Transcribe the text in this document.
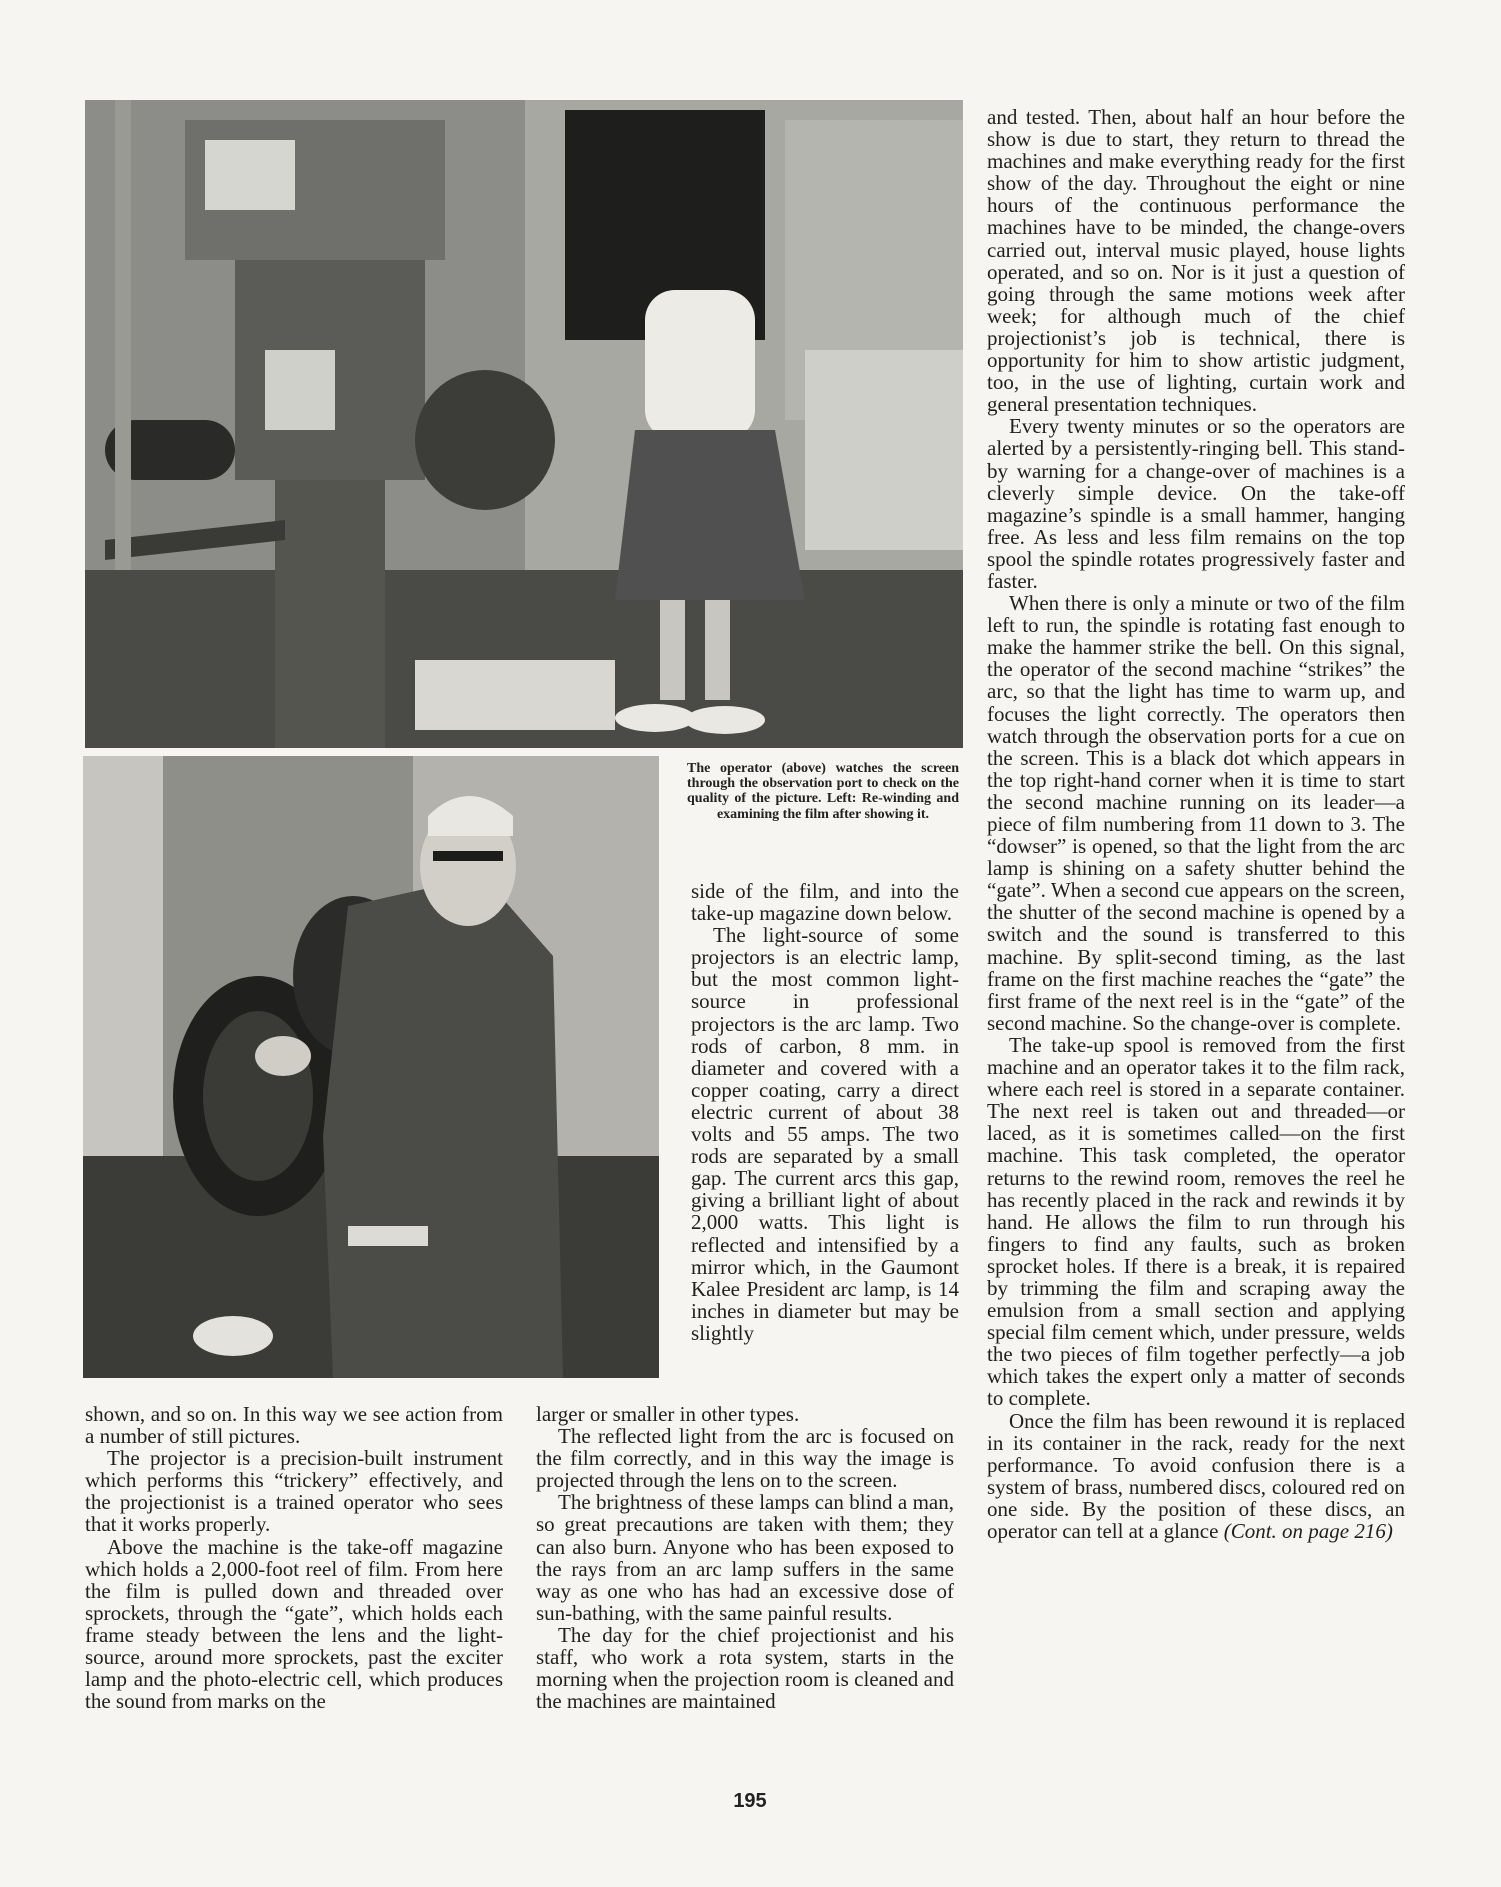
The operator (above) watches the screen through the observation port to check on the quality of the picture. Left: Re-winding and examining the film after showing it.

side of the film, and into the take-up magazine down below.

The light-source of some projectors is an electric lamp, but the most common light-source in professional projectors is the arc lamp. Two rods of carbon, 8 mm. in diameter and covered with a copper coating, carry a direct electric current of about 38 volts and 55 amps. The two rods are separated by a small gap. The current arcs this gap, giving a brilliant light of about 2,000 watts. This light is reflected and intensified by a mirror which, in the Gaumont Kalee President arc lamp, is 14 inches in diameter but may be slightly

shown, and so on. In this way we see action from a number of still pictures.

The projector is a precision-built instrument which performs this “trickery” effectively, and the projectionist is a trained operator who sees that it works properly.

Above the machine is the take-off magazine which holds a 2,000-foot reel of film. From here the film is pulled down and threaded over sprockets, through the “gate”, which holds each frame steady between the lens and the light-source, around more sprockets, past the exciter lamp and the photo-electric cell, which produces the sound from marks on the

larger or smaller in other types.

The reflected light from the arc is focused on the film correctly, and in this way the image is projected through the lens on to the screen.

The brightness of these lamps can blind a man, so great precautions are taken with them; they can also burn. Anyone who has been exposed to the rays from an arc lamp suffers in the same way as one who has had an excessive dose of sun-bathing, with the same painful results.

The day for the chief projectionist and his staff, who work a rota system, starts in the morning when the projection room is cleaned and the machines are maintained

and tested. Then, about half an hour before the show is due to start, they return to thread the machines and make everything ready for the first show of the day. Throughout the eight or nine hours of the continuous performance the machines have to be minded, the change-overs carried out, interval music played, house lights operated, and so on. Nor is it just a question of going through the same motions week after week; for although much of the chief projectionist’s job is technical, there is opportunity for him to show artistic judgment, too, in the use of lighting, curtain work and general presentation techniques.

Every twenty minutes or so the operators are alerted by a persistently-ringing bell. This stand-by warning for a change-over of machines is a cleverly simple device. On the take-off magazine’s spindle is a small hammer, hanging free. As less and less film remains on the top spool the spindle rotates progressively faster and faster.

When there is only a minute or two of the film left to run, the spindle is rotating fast enough to make the hammer strike the bell. On this signal, the operator of the second machine “strikes” the arc, so that the light has time to warm up, and focuses the light correctly. The operators then watch through the observation ports for a cue on the screen. This is a black dot which appears in the top right-hand corner when it is time to start the second machine running on its leader—a piece of film numbering from 11 down to 3. The “dowser” is opened, so that the light from the arc lamp is shining on a safety shutter behind the “gate”. When a second cue appears on the screen, the shutter of the second machine is opened by a switch and the sound is transferred to this machine. By split-second timing, as the last frame on the first machine reaches the “gate” the first frame of the next reel is in the “gate” of the second machine. So the change-over is complete.

The take-up spool is removed from the first machine and an operator takes it to the film rack, where each reel is stored in a separate container. The next reel is taken out and threaded—or laced, as it is sometimes called—on the first machine. This task completed, the operator returns to the rewind room, removes the reel he has recently placed in the rack and rewinds it by hand. He allows the film to run through his fingers to find any faults, such as broken sprocket holes. If there is a break, it is repaired by trimming the film and scraping away the emulsion from a small section and applying special film cement which, under pressure, welds the two pieces of film together perfectly—a job which takes the expert only a matter of seconds to complete.

Once the film has been rewound it is replaced in its container in the rack, ready for the next performance. To avoid confusion there is a system of brass, numbered discs, coloured red on one side. By the position of these discs, an operator can tell at a glance (Cont. on page 216)

195
